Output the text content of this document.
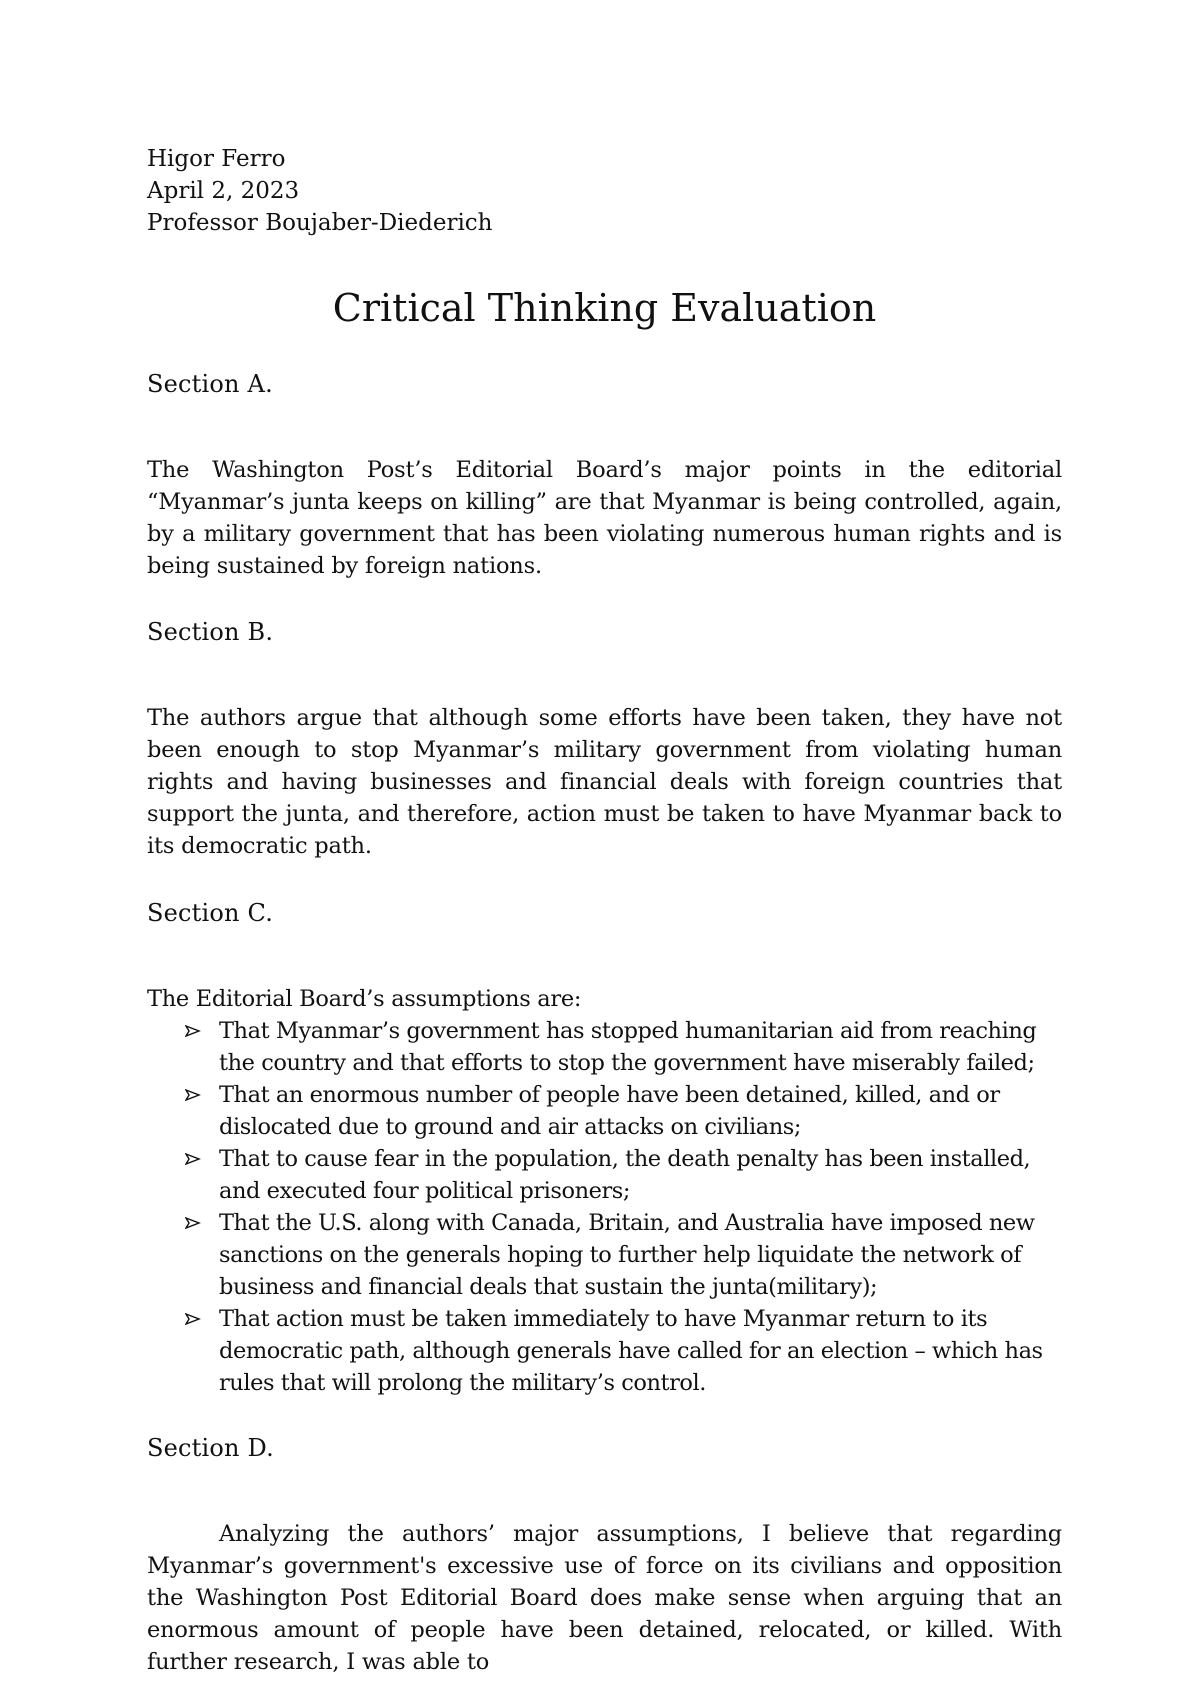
Higor Ferro

April 2, 2023

Professor Boujaber-Diederich

Critical Thinking Evaluation
Section A.

The Washington Post’s Editorial Board’s major points in the editorial “Myanmar’s junta keeps on killing” are that Myanmar is being controlled, again, by a military government that has been violating numerous human rights and is being sustained by foreign nations.

Section B.

The authors argue that although some efforts have been taken, they have not been enough to stop Myanmar’s military government from violating human rights and having businesses and financial deals with foreign countries that support the junta, and therefore, action must be taken to have Myanmar back to its democratic path.

Section C.

The Editorial Board’s assumptions are:

That Myanmar’s government has stopped humanitarian aid from reaching the country and that efforts to stop the government have miserably failed;
That an enormous number of people have been detained, killed, and or dislocated due to ground and air attacks on civilians;
That to cause fear in the population, the death penalty has been installed, and executed four political prisoners;
That the U.S. along with Canada, Britain, and Australia have imposed new sanctions on the generals hoping to further help liquidate the network of business and financial deals that sustain the junta(military);
That action must be taken immediately to have Myanmar return to its democratic path, although generals have called for an election – which has rules that will prolong the military’s control.
Section D.

Analyzing the authors’ major assumptions, I believe that regarding Myanmar’s government's excessive use of force on its civilians and opposition the Washington Post Editorial Board does make sense when arguing that an enormous amount of people have been detained, relocated, or killed. With further research, I was able to
